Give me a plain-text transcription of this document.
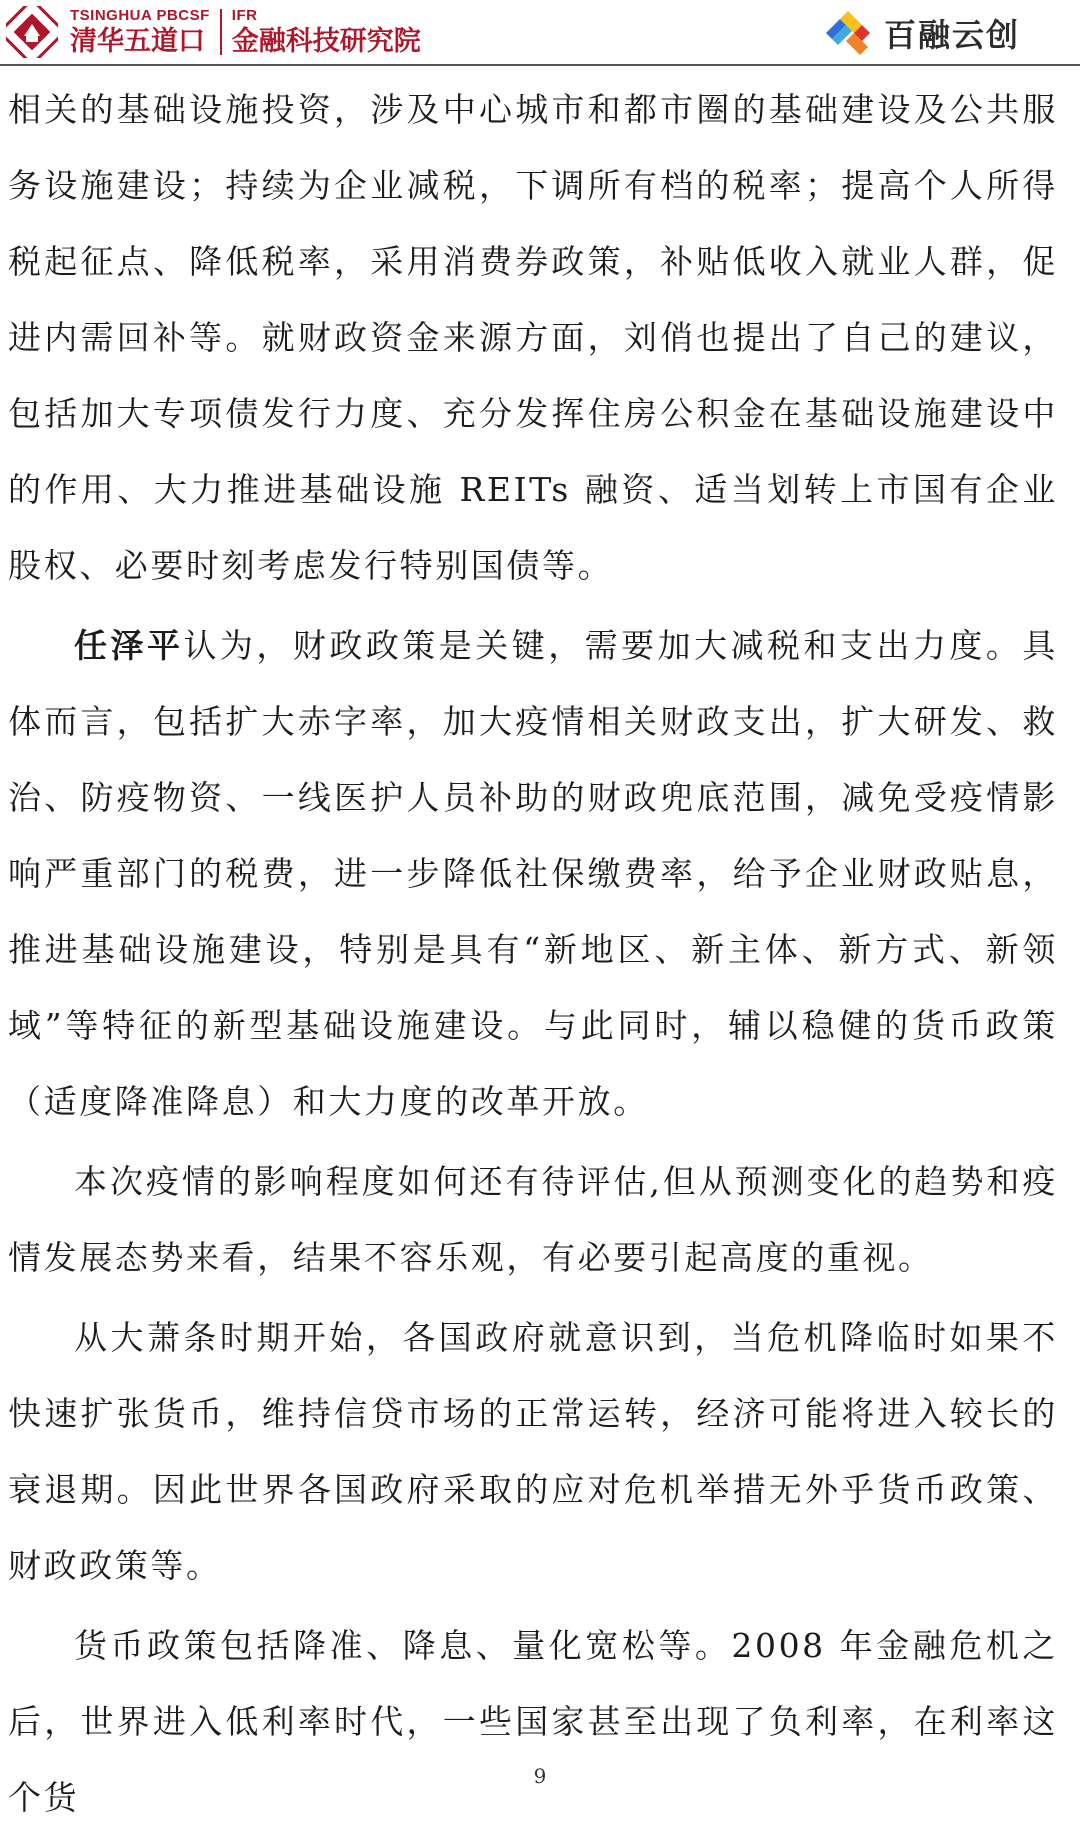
TSINGHUA PBCSF
清华五道口
IFR
金融科技研究院	百融云创

相关的基础设施投资，涉及中心城市和都市圈的基础建设及公共服务设施建设；持续为企业减税，下调所有档的税率；提高个人所得税起征点、降低税率，采用消费券政策，补贴低收入就业人群，促进内需回补等。就财政资金来源方面，刘俏也提出了自己的建议，包括加大专项债发行力度、充分发挥住房公积金在基础设施建设中的作用、大力推进基础设施 REITs 融资、适当划转上市国有企业股权、必要时刻考虑发行特别国债等。

任泽平认为，财政政策是关键，需要加大减税和支出力度。具体而言，包括扩大赤字率，加大疫情相关财政支出，扩大研发、救治、防疫物资、一线医护人员补助的财政兜底范围，减免受疫情影响严重部门的税费，进一步降低社保缴费率，给予企业财政贴息，推进基础设施建设，特别是具有“新地区、新主体、新方式、新领域”等特征的新型基础设施建设。与此同时，辅以稳健的货币政策（适度降准降息）和大力度的改革开放。

本次疫情的影响程度如何还有待评估,但从预测变化的趋势和疫情发展态势来看，结果不容乐观，有必要引起高度的重视。

从大萧条时期开始，各国政府就意识到，当危机降临时如果不快速扩张货币，维持信贷市场的正常运转，经济可能将进入较长的衰退期。因此世界各国政府采取的应对危机举措无外乎货币政策、财政政策等。

货币政策包括降准、降息、量化宽松等。2008 年金融危机之后，世界进入低利率时代，一些国家甚至出现了负利率，在利率这个货

9
